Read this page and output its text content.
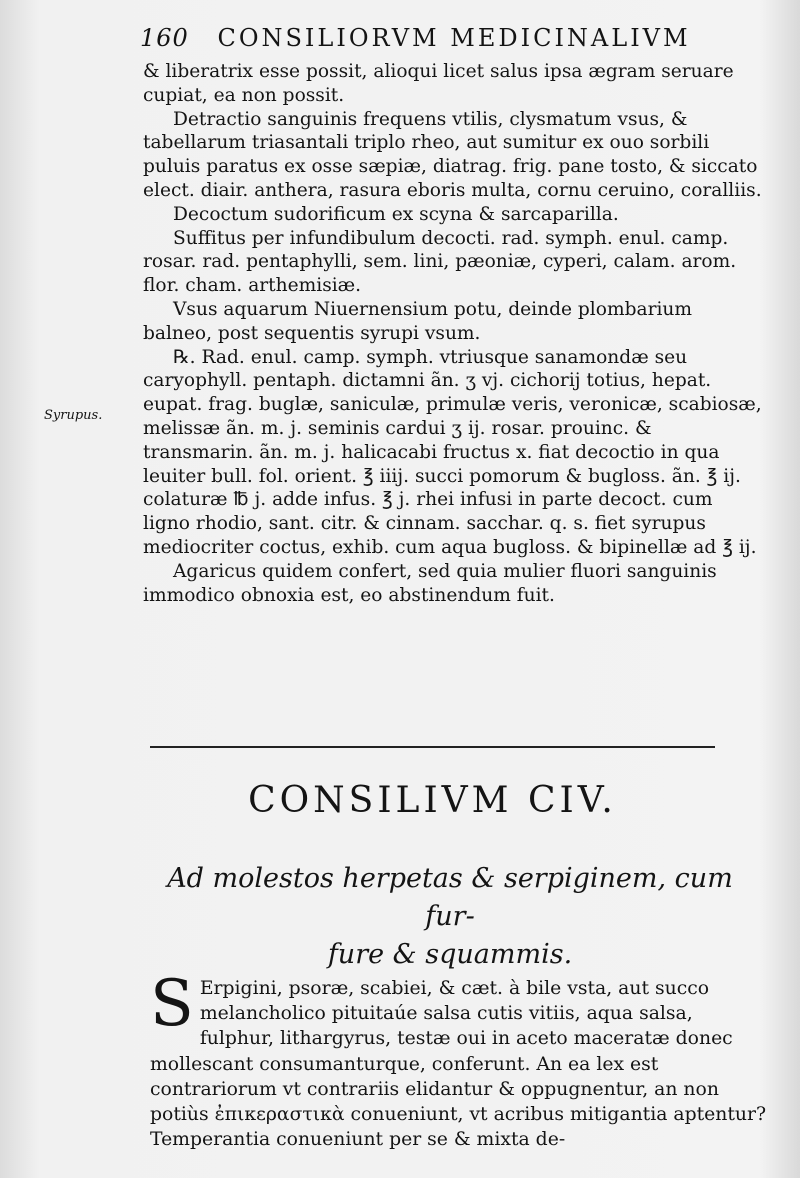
160 CONSILIORVM MEDICINALIVM
Syrupus.

& liberatrix esse possit, alioqui licet salus ipsa ægram seruare cupiat, ea non possit.

Detractio sanguinis frequens vtilis, clysmatum vsus, & tabellarum triasantali triplo rheo, aut sumitur ex ouo sorbili puluis paratus ex osse sæpiæ, diatrag. frig. pane tosto, & siccato elect. diair. anthera, rasura eboris multa, cornu ceruino, coralliis.

Decoctum sudorificum ex scyna & sarcaparilla.

Suffitus per infundibulum decocti. rad. symph. enul. camp. rosar. rad. pentaphylli, sem. lini, pæoniæ, cyperi, calam. arom. flor. cham. arthemisiæ.

Vsus aquarum Niuernensium potu, deinde plombarium balneo, post sequentis syrupi vsum.

℞. Rad. enul. camp. symph. vtriusque sanamondæ seu caryophyll. pentaph. dictamni ãn. ʒ vj. cichorij totius, hepat. eupat. frag. buglæ, saniculæ, primulæ veris, veronicæ, scabiosæ, melissæ ãn. m. j. seminis cardui ʒ ij. rosar. prouinc. & transmarin. ãn. m. j. halicacabi fructus x. fiat decoctio in qua leuiter bull. fol. orient. ℥ iiij. succi pomorum & bugloss. ãn. ℥ ij. colaturæ ℔ j. adde infus. ℥ j. rhei infusi in parte decoct. cum ligno rhodio, sant. citr. & cinnam. sacchar. q. s. fiet syrupus mediocriter coctus, exhib. cum aqua bugloss. & bipinellæ ad ℥ ij.

Agaricus quidem confert, sed quia mulier fluori sanguinis immodico obnoxia est, eo abstinendum fuit.

CONSILIVM CIV.

Ad molestos herpetas & serpiginem, cum fur-

fure & squammis.

S Erpigini, psoræ, scabiei, & cæt. à bile vsta, aut succo melancholico pituitaúe salsa cutis vitiis, aqua salsa, fulphur, lithargyrus, testæ oui in aceto maceratæ donec mollescant consumanturque, conferunt. An ea lex est contrariorum vt contrariis elidantur & oppugnentur, an non potiùs ἐπικεραστικὰ conueniunt, vt acribus mitigantia aptentur? Temperantia conueniunt per se & mixta de-
